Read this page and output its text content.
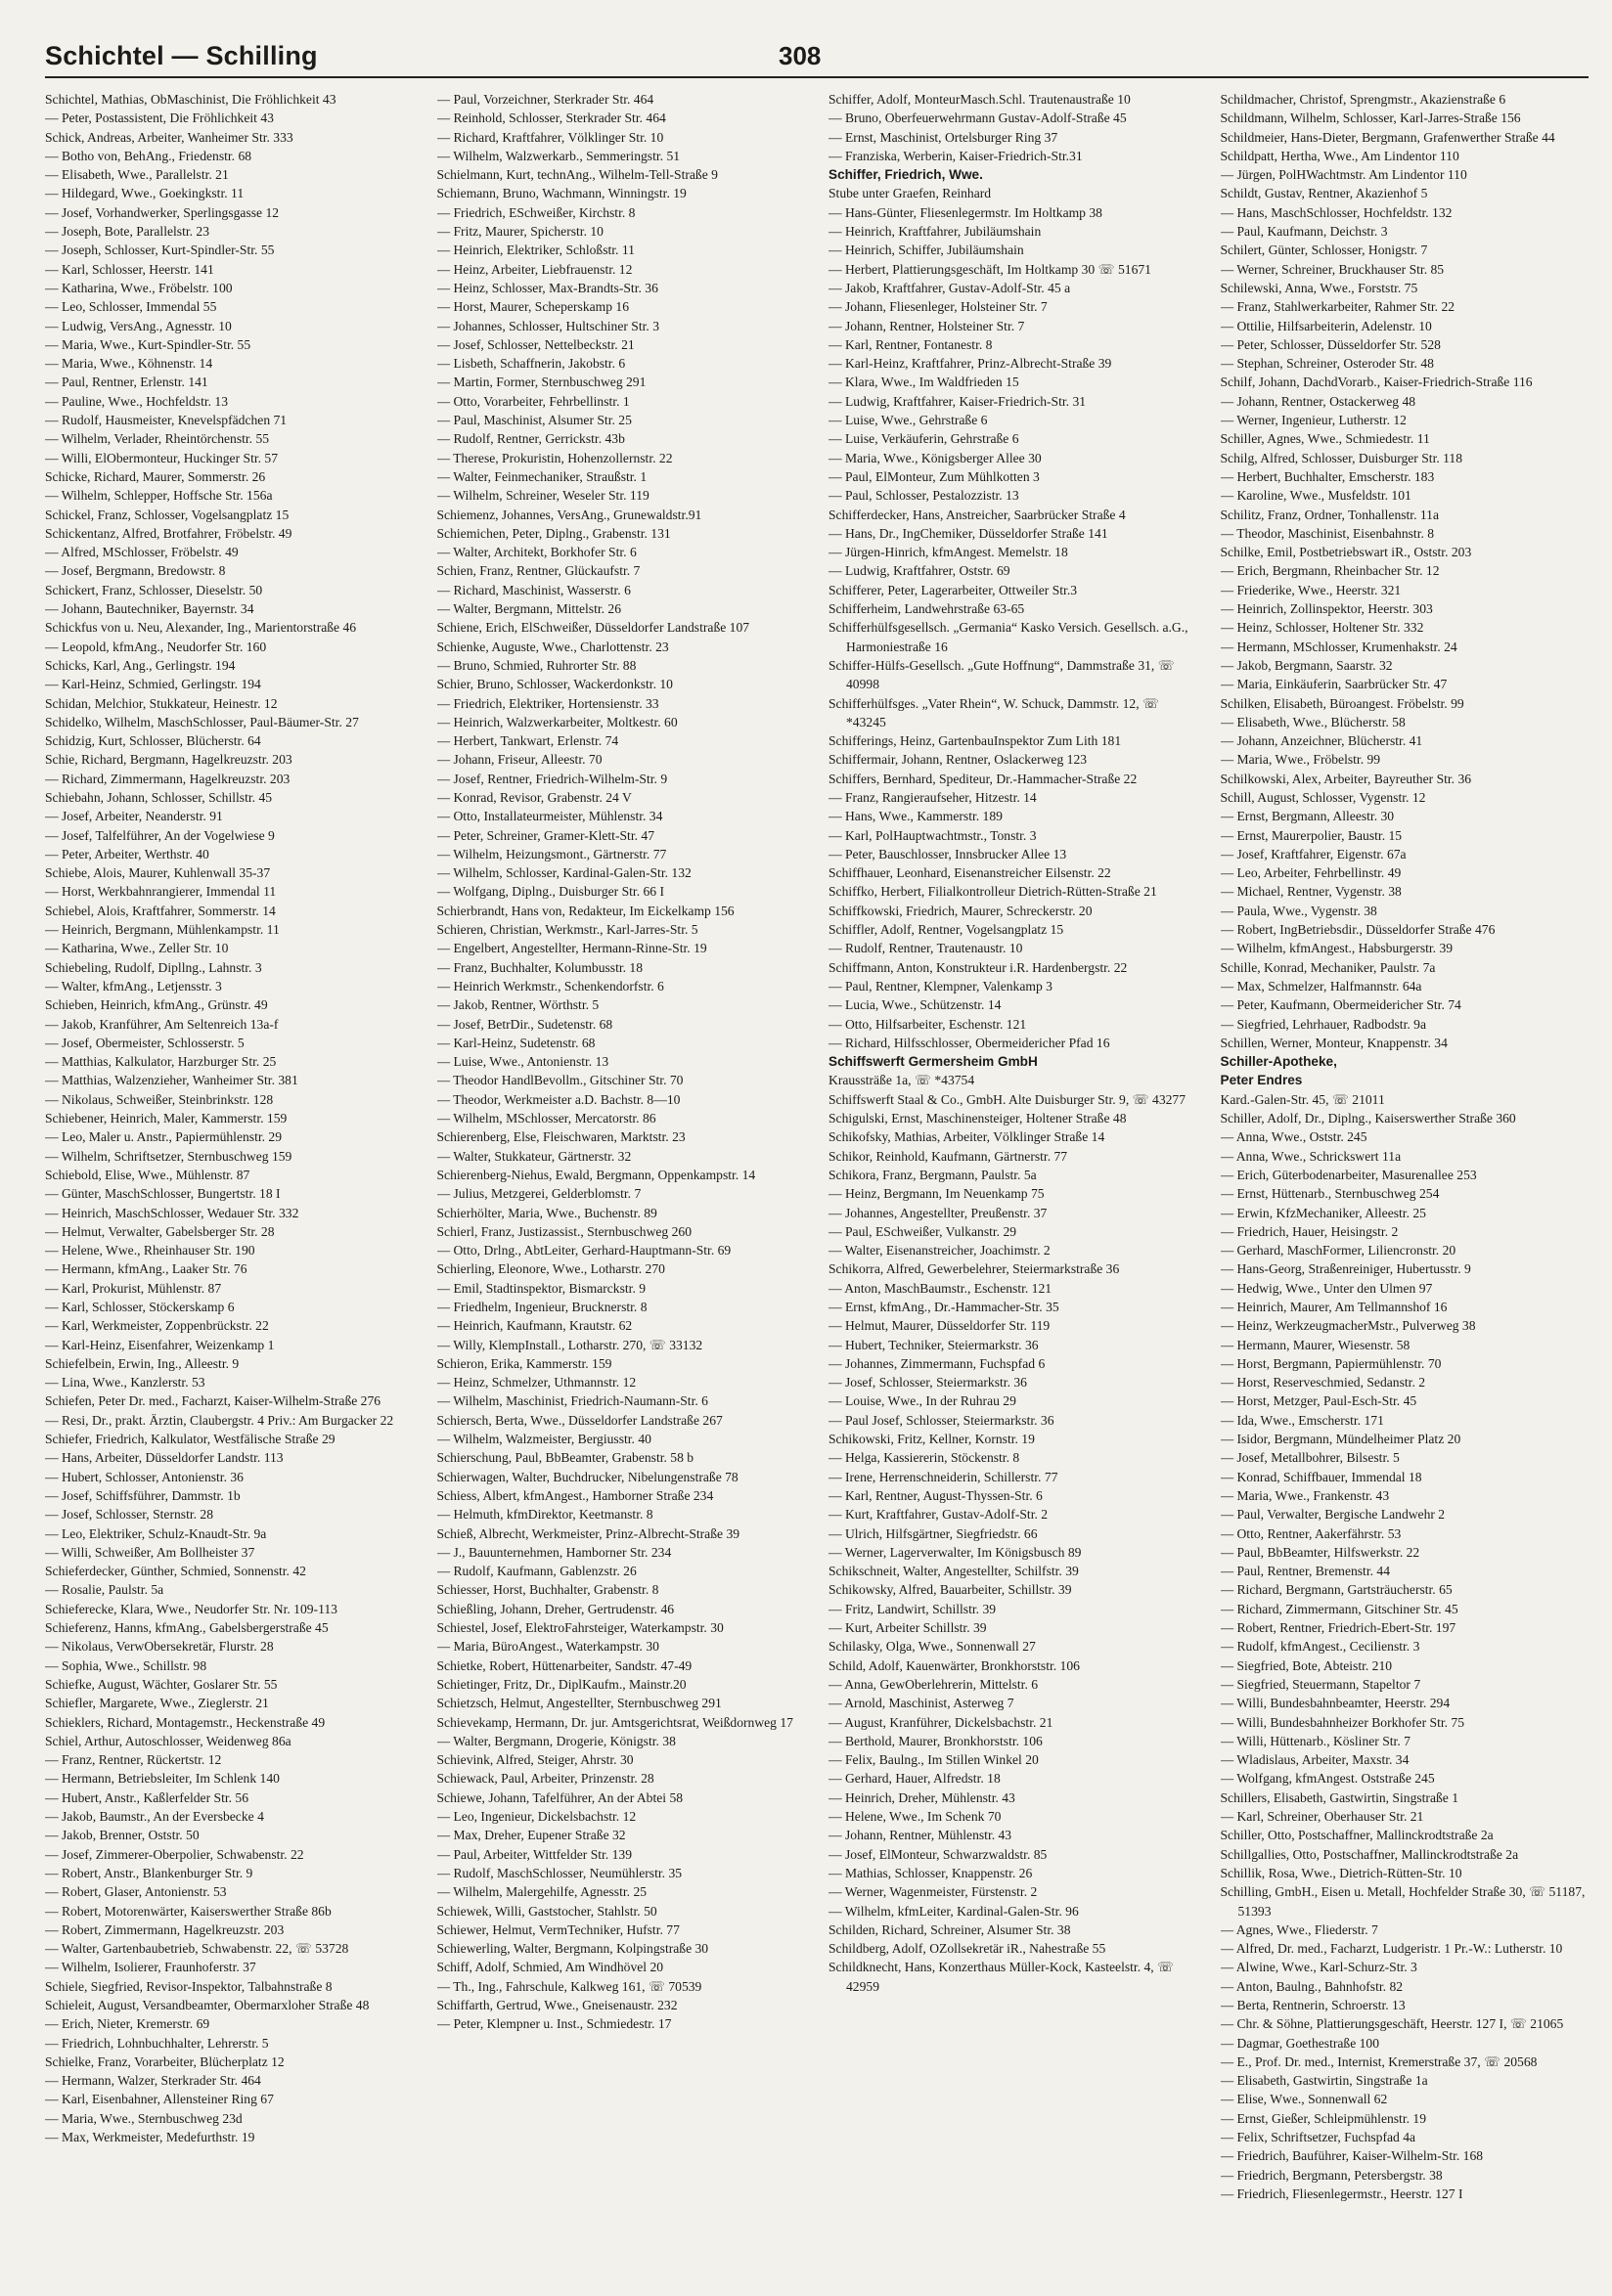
Schichtel — Schilling	308
Schichtel, Mathias, ObMaschinist, Die Fröhlichkeit 43
— Peter, Postassistent, Die Fröhlichkeit 43
Schick, Andreas, Arbeiter, Wanheimer Str. 333
— Botho von, BehAng., Friedenstr. 68
— Elisabeth, Wwe., Parallelstr. 21
— Hildegard, Wwe., Goekingkstr. 11
— Josef, Vorhandwerker, Sperlingsgasse 12
— Joseph, Bote, Parallelstr. 23
— Joseph, Schlosser, Kurt-Spindler-Str. 55
— Karl, Schlosser, Heerstr. 141
— Katharina, Wwe., Fröbelstr. 100
— Leo, Schlosser, Immendal 55
— Ludwig, VersAng., Agnesstr. 10
— Maria, Wwe., Kurt-Spindler-Str. 55
— Maria, Wwe., Köhnenstr. 14
— Paul, Rentner, Erlenstr. 141
— Pauline, Wwe., Hochfeldstr. 13
— Rudolf, Hausmeister, Knevelspfädchen 71
— Wilhelm, Verlader, Rheintörchenstr. 55
— Willi, ElObermonteur, Huckinger Str. 57
Schicke, Richard, Maurer, Sommerstr. 26
— Wilhelm, Schlepper, Hoffsche Str. 156a
Schickel, Franz, Schlosser, Vogelsangplatz 15
Schickentanz, Alfred, Brotfahrer, Fröbelstr. 49
— Alfred, MSchlosser, Fröbelstr. 49
— Josef, Bergmann, Bredowstr. 8
Schickert, Franz, Schlosser, Dieselstr. 50
— Johann, Bautechniker, Bayernstr. 34
Schickfus von u. Neu, Alexander, Ing., Marientorstraße 46
— Leopold, kfmAng., Neudorfer Str. 160
Schicks, Karl, Ang., Gerlingstr. 194
— Karl-Heinz, Schmied, Gerlingstr. 194
Schidan, Melchior, Stukkateur, Heinestr. 12
Schidelko, Wilhelm, MaschSchlosser, Paul-Bäumer-Str. 27
Schidzig, Kurt, Schlosser, Blücherstr. 64
Schie, Richard, Bergmann, Hagelkreuzstr. 203
— Richard, Zimmermann, Hagelkreuzstr. 203
Schiebahn, Johann, Schlosser, Schillstr. 45
— Josef, Arbeiter, Neanderstr. 91
— Josef, Talfelführer, An der Vogelwiese 9
— Peter, Arbeiter, Werthstr. 40
Schiebe, Alois, Maurer, Kuhlenwall 35-37
— Horst, Werkbahnrangierer, Immendal 11
Schiebel, Alois, Kraftfahrer, Sommerstr. 14
— Heinrich, Bergmann, Mühlenkampstr. 11
— Katharina, Wwe., Zeller Str. 10
Schiebeling, Rudolf, Dipllng., Lahnstr. 3
— Walter, kfmAng., Letjensstr. 3
Schieben, Heinrich, kfmAng., Grünstr. 49
— Jakob, Kranführer, Am Seltenreich 13a-f
— Josef, Obermeister, Schlosserstr. 5
— Matthias, Kalkulator, Harzburger Str. 25
— Matthias, Walzenzieher, Wanheimer Str. 381
— Nikolaus, Schweißer, Steinbrinkstr. 128
Schiebener, Heinrich, Maler, Kammerstr. 159
— Leo, Maler u. Anstr., Papiermühlenstr. 29
— Wilhelm, Schriftsetzer, Sternbuschweg 159
Schiebold, Elise, Wwe., Mühlenstr. 87
— Günter, MaschSchlosser, Bungertstr. 18 I
— Heinrich, MaschSchlosser, Wedauer Str. 332
— Helmut, Verwalter, Gabelsberger Str. 28
— Helene, Wwe., Rheinhauser Str. 190
— Hermann, kfmAng., Laaker Str. 76
— Karl, Prokurist, Mühlenstr. 87
— Karl, Schlosser, Stöckerskamp 6
— Karl, Werkmeister, Zoppenbrückstr. 22
— Karl-Heinz, Eisenfahrer, Weizenkamp 1
Schiefelbein, Erwin, Ing., Alleestr. 9
— Lina, Wwe., Kanzlerstr. 53
Schiefen, Peter Dr. med., Facharzt, Kaiser-Wilhelm-Straße 276
— Resi, Dr., prakt. Ärztin, Claubergstr. 4 Priv.: Am Burgacker 22
Schiefer, Friedrich, Kalkulator, Westfälische Straße 29
— Hans, Arbeiter, Düsseldorfer Landstr. 113
— Hubert, Schlosser, Antonienstr. 36
— Josef, Schiffsführer, Dammstr. 1b
— Josef, Schlosser, Sternstr. 28
— Leo, Elektriker, Schulz-Knaudt-Str. 9a
— Willi, Schweißer, Am Bollheister 37
Schieferdecker, Günther, Schmied, Sonnenstr. 42
— Rosalie, Paulstr. 5a
Schieferecke, Klara, Wwe., Neudorfer Str. Nr. 109-113
Schieferenz, Hanns, kfmAng., Gabelsbergerstraße 45
— Nikolaus, VerwObersekretär, Flurstr. 28
— Sophia, Wwe., Schillstr. 98
Schiefke, August, Wächter, Goslarer Str. 55
Schiefler, Margarete, Wwe., Zieglerstr. 21
Schieklers, Richard, Montagemstr., Heckenstraße 49
Schiel, Arthur, Autoschlosser, Weidenweg 86a
— Franz, Rentner, Rückertstr. 12
— Hermann, Betriebsleiter, Im Schlenk 140
— Hubert, Anstr., Kaßlerfelder Str. 56
— Jakob, Baumstr., An der Eversbecke 4
— Jakob, Brenner, Oststr. 50
— Josef, Zimmerer-Oberpolier, Schwabenstr. 22
— Robert, Anstr., Blankenburger Str. 9
— Robert, Glaser, Antonienstr. 53
— Robert, Motorenwärter, Kaiserswerther Straße 86b
— Robert, Zimmermann, Hagelkreuzstr. 203
— Walter, Gartenbaubetrieb, Schwabenstr. 22, ☏ 53728
— Wilhelm, Isolierer, Fraunhoferstr. 37
Schiele, Siegfried, Revisor-Inspektor, Talbahnstraße 8
Schieleit, August, Versandbeamter, Obermarxloher Straße 48
— Erich, Nieter, Kremerstr. 69
— Friedrich, Lohnbuchhalter, Lehrerstr. 5
Schielke, Franz, Vorarbeiter, Blücherplatz 12
— Hermann, Walzer, Sterkrader Str. 464
— Karl, Eisenbahner, Allensteiner Ring 67
— Maria, Wwe., Sternbuschweg 23d
— Max, Werkmeister, Medefurthstr. 19
— Paul, Vorzeichner, Sterkrader Str. 464
— Reinhold, Schlosser, Sterkrader Str. 464
— Richard, Kraftfahrer, Völklinger Str. 10
— Wilhelm, Walzwerkarb., Semmeringstr. 51
Schielmann, Kurt, technAng., Wilhelm-Tell-Straße 9
Schiemann, Bruno, Wachmann, Winningstr. 19
— Friedrich, ESchweißer, Kirchstr. 8
— Fritz, Maurer, Spicherstr. 10
— Heinrich, Elektriker, Schloßstr. 11
— Heinz, Arbeiter, Liebfrauenstr. 12
— Heinz, Schlosser, Max-Brandts-Str. 36
— Horst, Maurer, Scheperskamp 16
— Johannes, Schlosser, Hultschiner Str. 3
— Josef, Schlosser, Nettelbeckstr. 21
— Lisbeth, Schaffnerin, Jakobstr. 6
— Martin, Former, Sternbuschweg 291
— Otto, Vorarbeiter, Fehrbellinstr. 1
— Paul, Maschinist, Alsumer Str. 25
— Rudolf, Rentner, Gerrickstr. 43b
— Therese, Prokuristin, Hohenzollernstr. 22
— Walter, Feinmechaniker, Straußstr. 1
— Wilhelm, Schreiner, Weseler Str. 119
Schiemenz, Johannes, VersAng., Grunewaldstr.91
Schiemichen, Peter, Diplng., Grabenstr. 131
— Walter, Architekt, Borkhofer Str. 6
Schien, Franz, Rentner, Glückaufstr. 7
— Richard, Maschinist, Wasserstr. 6
— Walter, Bergmann, Mittelstr. 26
Schiene, Erich, ElSchweißer, Düsseldorfer Landstraße 107
Schienke, Auguste, Wwe., Charlottenstr. 23
— Bruno, Schmied, Ruhrorter Str. 88
Schier, Bruno, Schlosser, Wackerdonkstr. 10
— Friedrich, Elektriker, Hortensienstr. 33
— Heinrich, Walzwerkarbeiter, Moltkestr. 60
— Herbert, Tankwart, Erlenstr. 74
— Johann, Friseur, Alleestr. 70
— Josef, Rentner, Friedrich-Wilhelm-Str. 9
— Konrad, Revisor, Grabenstr. 24 V
— Otto, Installateurmeister, Mühlenstr. 34
— Peter, Schreiner, Gramer-Klett-Str. 47
— Wilhelm, Heizungsmont., Gärtnerstr. 77
— Wilhelm, Schlosser, Kardinal-Galen-Str. 132
— Wolfgang, Diplng., Duisburger Str. 66 I
Schierbrandt, Hans von, Redakteur, Im Eickelkamp 156
Schieren, Christian, Werkmstr., Karl-Jarres-Str. 5
— Engelbert, Angestellter, Hermann-Rinne-Str. 19
— Franz, Buchhalter, Kolumbusstr. 18
— Heinrich Werkmstr., Schenkendorfstr. 6
— Jakob, Rentner, Wörthstr. 5
— Josef, BetrDir., Sudetenstr. 68
— Karl-Heinz, Sudetenstr. 68
— Luise, Wwe., Antonienstr. 13
— Theodor HandlBevollm., Gitschiner Str. 70
— Theodor, Werkmeister a.D. Bachstr. 8—10
— Wilhelm, MSchlosser, Mercatorstr. 86
Schierenberg, Else, Fleischwaren, Marktstr. 23
— Walter, Stukkateur, Gärtnerstr. 32
Schierenberg-Niehus, Ewald, Bergmann, Oppenkampstr. 14
— Julius, Metzgerei, Gelderblomstr. 7
Schierhölter, Maria, Wwe., Buchenstr. 89
Schierl, Franz, Justizassist., Sternbuschweg 260
— Otto, Drlng., AbtLeiter, Gerhard-Hauptmann-Str. 69
Schierling, Eleonore, Wwe., Lotharstr. 270
— Emil, Stadtinspektor, Bismarckstr. 9
— Friedhelm, Ingenieur, Brucknerstr. 8
— Heinrich, Kaufmann, Krautstr. 62
— Willy, KlempInstall., Lotharstr. 270, ☏ 33132
Schieron, Erika, Kammerstr. 159
— Heinz, Schmelzer, Uthmannstr. 12
— Wilhelm, Maschinist, Friedrich-Naumann-Str. 6
Schiersch, Berta, Wwe., Düsseldorfer Landstraße 267
— Wilhelm, Walzmeister, Bergiusstr. 40
Schierschung, Paul, BbBeamter, Grabenstr. 58 b
Schierwagen, Walter, Buchdrucker, Nibelungenstraße 78
Schiess, Albert, kfmAngest., Hamborner Straße 234
— Helmuth, kfmDirektor, Keetmanstr. 8
Schieß, Albrecht, Werkmeister, Prinz-Albrecht-Straße 39
— J., Bauunternehmen, Hamborner Str. 234
— Rudolf, Kaufmann, Gablenzstr. 26
Schiesser, Horst, Buchhalter, Grabenstr. 8
Schießling, Johann, Dreher, Gertrudenstr. 46
Schiestel, Josef, ElektroFahrsteiger, Waterkampstr. 30
— Maria, BüroAngest., Waterkampstr. 30
Schietke, Robert, Hüttenarbeiter, Sandstr. 47-49
Schietinger, Fritz, Dr., DiplKaufm., Mainstr.20
Schietzsch, Helmut, Angestellter, Sternbuschweg 291
Schievekamp, Hermann, Dr. jur. Amtsgerichtsrat, Weißdornweg 17
— Walter, Bergmann, Drogerie, Königstr. 38
Schievink, Alfred, Steiger, Ahrstr. 30
Schiewack, Paul, Arbeiter, Prinzenstr. 28
Schiewe, Johann, Tafelführer, An der Abtei 58
— Leo, Ingenieur, Dickelsbachstr. 12
— Max, Dreher, Eupener Straße 32
— Paul, Arbeiter, Wittfelder Str. 139
— Rudolf, MaschSchlosser, Neumühlerstr. 35
— Wilhelm, Malergehilfe, Agnesstr. 25
Schiewek, Willi, Gaststocher, Stahlstr. 50
Schiewer, Helmut, VermTechniker, Hufstr. 77
Schiewerling, Walter, Bergmann, Kolpingstraße 30
Schiff, Adolf, Schmied, Am Windhövel 20
— Th., Ing., Fahrschule, Kalkweg 161, ☏ 70539
Schiffarth, Gertrud, Wwe., Gneisenaustr. 232
— Peter, Klempner u. Inst., Schmiedestr. 17
Schiffer, Adolf, MonteurMasch.Schl. Trautenaustraße 10
— Bruno, Oberfeuerwehrmann Gustav-Adolf-Straße 45
— Ernst, Maschinist, Ortelsburger Ring 37
— Franziska, Werberin, Kaiser-Friedrich-Str.31
Schiffer, Friedrich, Wwe.
Stube unter Graefen, Reinhard
— Hans-Günter, Fliesenlegermstr. Im Holtkamp 38
— Heinrich, Kraftfahrer, Jubiläumshain
— Heinrich, Schiffer, Jubiläumshain
— Herbert, Plattierungsgeschäft, Im Holtkamp 30 ☏ 51671
— Jakob, Kraftfahrer, Gustav-Adolf-Str. 45 a
— Johann, Fliesenleger, Holsteiner Str. 7
— Johann, Rentner, Holsteiner Str. 7
— Karl, Rentner, Fontanestr. 8
— Karl-Heinz, Kraftfahrer, Prinz-Albrecht-Straße 39
— Klara, Wwe., Im Waldfrieden 15
— Ludwig, Kraftfahrer, Kaiser-Friedrich-Str. 31
— Luise, Wwe., Gehrstraße 6
— Luise, Verkäuferin, Gehrstraße 6
— Maria, Wwe., Königsberger Allee 30
— Paul, ElMonteur, Zum Mühlkotten 3
— Paul, Schlosser, Pestalozzistr. 13
Schifferdecker, Hans, Anstreicher, Saarbrücker Straße 4
— Hans, Dr., IngChemiker, Düsseldorfer Straße 141
— Jürgen-Hinrich, kfmAngest. Memelstr. 18
— Ludwig, Kraftfahrer, Oststr. 69
Schifferer, Peter, Lagerarbeiter, Ottweiler Str.3
Schifferheim, Landwehrstraße 63-65
Schifferhülfsgesellsch. „Germania“ Kasko Versich. Gesellsch. a.G., Harmoniestraße 16
Schiffer-Hülfs-Gesellsch. „Gute Hoffnung“, Dammstraße 31, ☏ 40998
Schifferhülfsges. „Vater Rhein“, W. Schuck, Dammstr. 12, ☏ *43245
Schifferings, Heinz, GartenbauInspektor Zum Lith 181
Schiffermair, Johann, Rentner, Oslackerweg 123
Schiffers, Bernhard, Spediteur, Dr.-Hammacher-Straße 22
— Franz, Rangieraufseher, Hitzestr. 14
— Hans, Wwe., Kammerstr. 189
— Karl, PolHauptwachtmstr., Tonstr. 3
— Peter, Bauschlosser, Innsbrucker Allee 13
Schiffhauer, Leonhard, Eisenanstreicher Eilsenstr. 22
Schiffko, Herbert, Filialkontrolleur Dietrich-Rütten-Straße 21
Schiffkowski, Friedrich, Maurer, Schreckerstr. 20
Schiffler, Adolf, Rentner, Vogelsangplatz 15
— Rudolf, Rentner, Trautenaustr. 10
Schiffmann, Anton, Konstrukteur i.R. Hardenbergstr. 22
— Paul, Rentner, Klempner, Valenkamp 3
— Lucia, Wwe., Schützenstr. 14
— Otto, Hilfsarbeiter, Eschenstr. 121
— Richard, Hilfsschlosser, Obermeidericher Pfad 16
Schiffswerft Germersheim GmbH
Kraussträße 1a, ☏ *43754
Schiffswerft Staal & Co., GmbH. Alte Duisburger Str. 9, ☏ 43277
Schigulski, Ernst, Maschinensteiger, Holtener Straße 48
Schikofsky, Mathias, Arbeiter, Völklinger Straße 14
Schikor, Reinhold, Kaufmann, Gärtnerstr. 77
Schikora, Franz, Bergmann, Paulstr. 5a
— Heinz, Bergmann, Im Neuenkamp 75
— Johannes, Angestellter, Preußenstr. 37
— Paul, ESchweißer, Vulkanstr. 29
— Walter, Eisenanstreicher, Joachimstr. 2
Schikorra, Alfred, Gewerbelehrer, Steiermarkstraße 36
— Anton, MaschBaumstr., Eschenstr. 121
— Ernst, kfmAng., Dr.-Hammacher-Str. 35
— Helmut, Maurer, Düsseldorfer Str. 119
— Hubert, Techniker, Steiermarkstr. 36
— Johannes, Zimmermann, Fuchspfad 6
— Josef, Schlosser, Steiermarkstr. 36
— Louise, Wwe., In der Ruhrau 29
— Paul Josef, Schlosser, Steiermarkstr. 36
Schikowski, Fritz, Kellner, Kornstr. 19
— Helga, Kassiererin, Stöckenstr. 8
— Irene, Herrenschneiderin, Schillerstr. 77
— Karl, Rentner, August-Thyssen-Str. 6
— Kurt, Kraftfahrer, Gustav-Adolf-Str. 2
— Ulrich, Hilfsgärtner, Siegfriedstr. 66
— Werner, Lagerverwalter, Im Königsbusch 89
Schikschneit, Walter, Angestellter, Schilfstr. 39
Schikowsky, Alfred, Bauarbeiter, Schillstr. 39
— Fritz, Landwirt, Schillstr. 39
— Kurt, Arbeiter Schillstr. 39
Schilasky, Olga, Wwe., Sonnenwall 27
Schild, Adolf, Kauenwärter, Bronkhorststr. 106
— Anna, GewOberlehrerin, Mittelstr. 6
— Arnold, Maschinist, Asterweg 7
— August, Kranführer, Dickelsbachstr. 21
— Berthold, Maurer, Bronkhorststr. 106
— Felix, Baulng., Im Stillen Winkel 20
— Gerhard, Hauer, Alfredstr. 18
— Heinrich, Dreher, Mühlenstr. 43
— Helene, Wwe., Im Schenk 70
— Johann, Rentner, Mühlenstr. 43
— Josef, ElMonteur, Schwarzwaldstr. 85
— Mathias, Schlosser, Knappenstr. 26
— Werner, Wagenmeister, Fürstenstr. 2
— Wilhelm, kfmLeiter, Kardinal-Galen-Str. 96
Schilden, Richard, Schreiner, Alsumer Str. 38
Schildberg, Adolf, OZollsekretär iR., Nahestraße 55
Schildknecht, Hans, Konzerthaus Müller-Kock, Kasteelstr. 4, ☏ 42959
Schildmacher, Christof, Sprengmstr., Akazienstraße 6
Schildmann, Wilhelm, Schlosser, Karl-Jarres-Straße 156
Schildmeier, Hans-Dieter, Bergmann, Grafenwerther Straße 44
Schildpatt, Hertha, Wwe., Am Lindentor 110
— Jürgen, PolHWachtmstr. Am Lindentor 110
Schildt, Gustav, Rentner, Akazienhof 5
— Hans, MaschSchlosser, Hochfeldstr. 132
— Paul, Kaufmann, Deichstr. 3
Schilert, Günter, Schlosser, Honigstr. 7
— Werner, Schreiner, Bruckhauser Str. 85
Schilewski, Anna, Wwe., Forststr. 75
— Franz, Stahlwerkarbeiter, Rahmer Str. 22
— Ottilie, Hilfsarbeiterin, Adelenstr. 10
— Peter, Schlosser, Düsseldorfer Str. 528
— Stephan, Schreiner, Osteroder Str. 48
Schilf, Johann, DachdVorarb., Kaiser-Friedrich-Straße 116
— Johann, Rentner, Ostackerweg 48
— Werner, Ingenieur, Lutherstr. 12
Schiller, Agnes, Wwe., Schmiedestr. 11
Schilg, Alfred, Schlosser, Duisburger Str. 118
— Herbert, Buchhalter, Emscherstr. 183
— Karoline, Wwe., Musfeldstr. 101
Schilitz, Franz, Ordner, Tonhallenstr. 11a
— Theodor, Maschinist, Eisenbahnstr. 8
Schilke, Emil, Postbetriebswart iR., Oststr. 203
— Erich, Bergmann, Rheinbacher Str. 12
— Friederike, Wwe., Heerstr. 321
— Heinrich, Zollinspektor, Heerstr. 303
— Heinz, Schlosser, Holtener Str. 332
— Hermann, MSchlosser, Krumenhakstr. 24
— Jakob, Bergmann, Saarstr. 32
— Maria, Einkäuferin, Saarbrücker Str. 47
Schilken, Elisabeth, Büroangest. Fröbelstr. 99
— Elisabeth, Wwe., Blücherstr. 58
— Johann, Anzeichner, Blücherstr. 41
— Maria, Wwe., Fröbelstr. 99
Schilkowski, Alex, Arbeiter, Bayreuther Str. 36
Schill, August, Schlosser, Vygenstr. 12
— Ernst, Bergmann, Alleestr. 30
— Ernst, Maurerpolier, Baustr. 15
— Josef, Kraftfahrer, Eigenstr. 67a
— Leo, Arbeiter, Fehrbellinstr. 49
— Michael, Rentner, Vygenstr. 38
— Paula, Wwe., Vygenstr. 38
— Robert, IngBetriebsdir., Düsseldorfer Straße 476
— Wilhelm, kfmAngest., Habsburgerstr. 39
Schille, Konrad, Mechaniker, Paulstr. 7a
— Max, Schmelzer, Halfmannstr. 64a
— Peter, Kaufmann, Obermeidericher Str. 74
— Siegfried, Lehrhauer, Radbodstr. 9a
Schillen, Werner, Monteur, Knappenstr. 34
Schiller-Apotheke,
Peter Endres
Kard.-Galen-Str. 45, ☏ 21011
Schiller, Adolf, Dr., Diplng., Kaiserswerther Straße 360
— Anna, Wwe., Oststr. 245
— Anna, Wwe., Schrickswert 11a
— Erich, Güterbodenarbeiter, Masurenallee 253
— Ernst, Hüttenarb., Sternbuschweg 254
— Erwin, KfzMechaniker, Alleestr. 25
— Friedrich, Hauer, Heisingstr. 2
— Gerhard, MaschFormer, Liliencronstr. 20
— Hans-Georg, Straßenreiniger, Hubertusstr. 9
— Hedwig, Wwe., Unter den Ulmen 97
— Heinrich, Maurer, Am Tellmannshof 16
— Heinz, WerkzeugmacherMstr., Pulverweg 38
— Hermann, Maurer, Wiesenstr. 58
— Horst, Bergmann, Papiermühlenstr. 70
— Horst, Reserveschmied, Sedanstr. 2
— Horst, Metzger, Paul-Esch-Str. 45
— Ida, Wwe., Emscherstr. 171
— Isidor, Bergmann, Mündelheimer Platz 20
— Josef, Metallbohrer, Bilsestr. 5
— Konrad, Schiffbauer, Immendal 18
— Maria, Wwe., Frankenstr. 43
— Paul, Verwalter, Bergische Landwehr 2
— Otto, Rentner, Aakerfährstr. 53
— Paul, BbBeamter, Hilfswerkstr. 22
— Paul, Rentner, Bremenstr. 44
— Richard, Bergmann, Gartsträucherstr. 65
— Richard, Zimmermann, Gitschiner Str. 45
— Robert, Rentner, Friedrich-Ebert-Str. 197
— Rudolf, kfmAngest., Cecilienstr. 3
— Siegfried, Bote, Abteistr. 210
— Siegfried, Steuermann, Stapeltor 7
— Willi, Bundesbahnbeamter, Heerstr. 294
— Willi, Bundesbahnheizer Borkhofer Str. 75
— Willi, Hüttenarb., Kösliner Str. 7
— Wladislaus, Arbeiter, Maxstr. 34
— Wolfgang, kfmAngest. Oststraße 245
Schillers, Elisabeth, Gastwirtin, Singstraße 1
— Karl, Schreiner, Oberhauser Str. 21
Schiller, Otto, Postschaffner, Mallinckrodtstraße 2a
Schillgallies, Otto, Postschaffner, Mallinckrodtstraße 2a
Schillik, Rosa, Wwe., Dietrich-Rütten-Str. 10
Schilling, GmbH., Eisen u. Metall, Hochfelder Straße 30, ☏ 51187, 51393
— Agnes, Wwe., Fliederstr. 7
— Alfred, Dr. med., Facharzt, Ludgeristr. 1 Pr.-W.: Lutherstr. 10
— Alwine, Wwe., Karl-Schurz-Str. 3
— Anton, Baulng., Bahnhofstr. 82
— Berta, Rentnerin, Schroerstr. 13
— Chr. & Söhne, Plattierungsgeschäft, Heerstr. 127 I, ☏ 21065
— Dagmar, Goethestraße 100
— E., Prof. Dr. med., Internist, Kremerstraße 37, ☏ 20568
— Elisabeth, Gastwirtin, Singstraße 1a
— Elise, Wwe., Sonnenwall 62
— Ernst, Gießer, Schleipmühlenstr. 19
— Felix, Schriftsetzer, Fuchspfad 4a
— Friedrich, Bauführer, Kaiser-Wilhelm-Str. 168
— Friedrich, Bergmann, Petersbergstr. 38
— Friedrich, Fliesenlegermstr., Heerstr. 127 I
